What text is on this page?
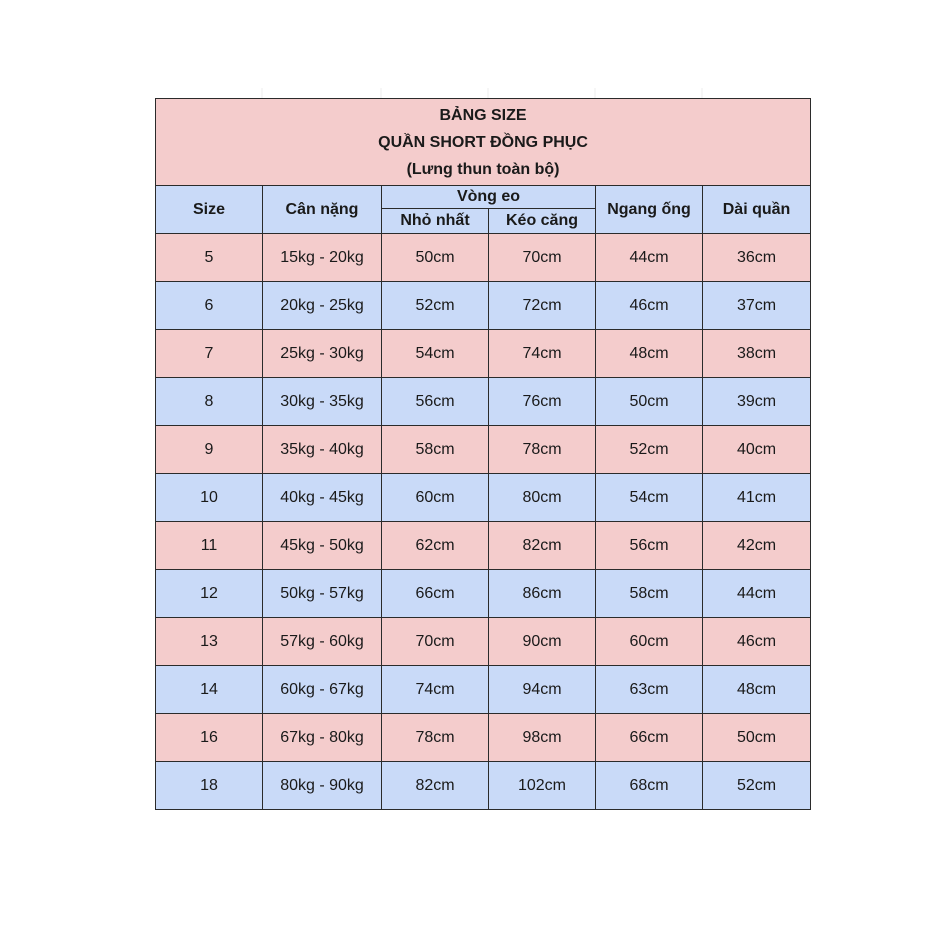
BẢNG SIZE
QUẦN SHORT ĐỒNG PHỤC
(Lưng thun toàn bộ)					

Size	Cân nặng	Vòng eo		Ngang ống	Dài quần
		Nhỏ nhất	Kéo căng		
5	15kg - 20kg	50cm	70cm	44cm	36cm
6	20kg - 25kg	52cm	72cm	46cm	37cm
7	25kg - 30kg	54cm	74cm	48cm	38cm
8	30kg - 35kg	56cm	76cm	50cm	39cm
9	35kg - 40kg	58cm	78cm	52cm	40cm
10	40kg - 45kg	60cm	80cm	54cm	41cm
11	45kg - 50kg	62cm	82cm	56cm	42cm
12	50kg - 57kg	66cm	86cm	58cm	44cm
13	57kg - 60kg	70cm	90cm	60cm	46cm
14	60kg - 67kg	74cm	94cm	63cm	48cm
16	67kg - 80kg	78cm	98cm	66cm	50cm
18	80kg - 90kg	82cm	102cm	68cm	52cm
